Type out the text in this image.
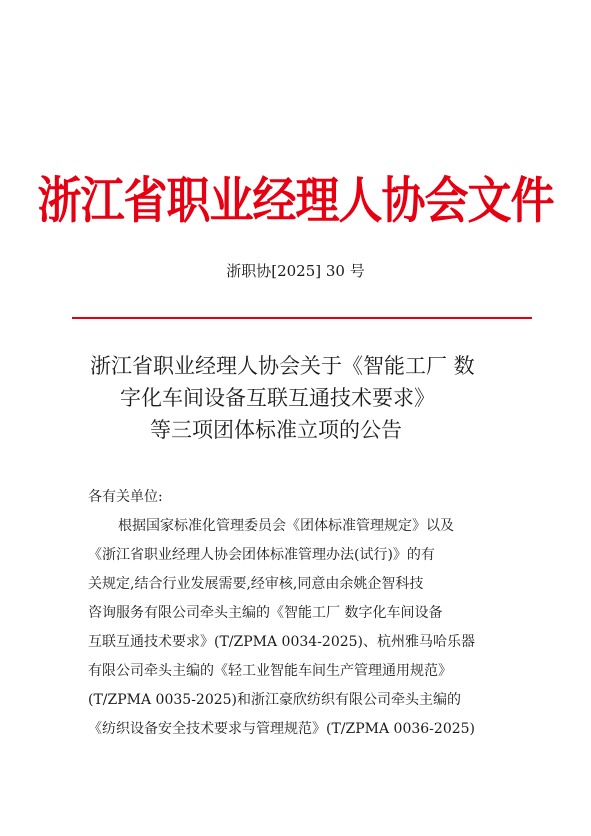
浙江省职业经理人协会文件
浙职协[2025] 30 号
浙江省职业经理人协会关于《智能工厂 数
字化车间设备互联互通技术要求》
等三项团体标准立项的公告
各有关单位:
根据国家标准化管理委员会《团体标准管理规定》以及
《浙江省职业经理人协会团体标准管理办法(试行)》的有
关规定,结合行业发展需要,经审核,同意由余姚企智科技
咨询服务有限公司牵头主编的《智能工厂 数字化车间设备
互联互通技术要求》(T/ZPMA 0034-2025)、杭州雅马哈乐器
有限公司牵头主编的《轻工业智能车间生产管理通用规范》
(T/ZPMA 0035-2025)和浙江豪欣纺织有限公司牵头主编的
《纺织设备安全技术要求与管理规范》(T/ZPMA 0036-2025)
